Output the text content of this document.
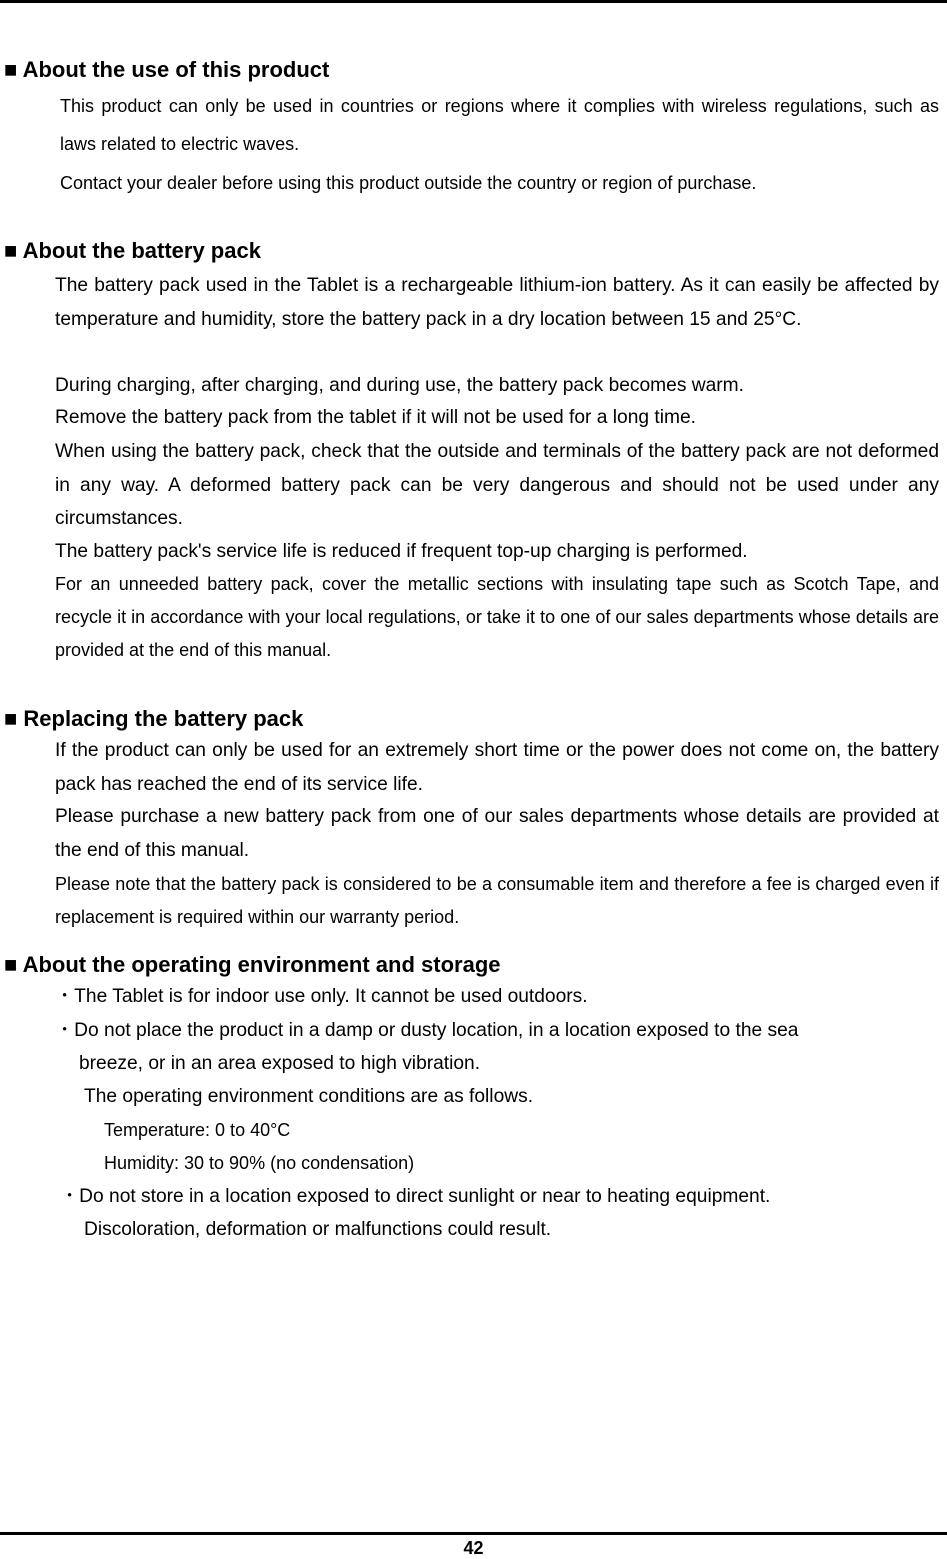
■ About the use of this product

This product can only be used in countries or regions where it complies with wireless regulations, such as laws related to electric waves.

Contact your dealer before using this product outside the country or region of purchase.

■ About the battery pack

The battery pack used in the Tablet is a rechargeable lithium-ion battery. As it can easily be affected by temperature and humidity, store the battery pack in a dry location between 15 and 25°C.

During charging, after charging, and during use, the battery pack becomes warm.

Remove the battery pack from the tablet if it will not be used for a long time.

When using the battery pack, check that the outside and terminals of the battery pack are not deformed in any way. A deformed battery pack can be very dangerous and should not be used under any circumstances.

The battery pack's service life is reduced if frequent top-up charging is performed.

For an unneeded battery pack, cover the metallic sections with insulating tape such as Scotch Tape, and recycle it in accordance with your local regulations, or take it to one of our sales departments whose details are provided at the end of this manual.

■ Replacing the battery pack

If the product can only be used for an extremely short time or the power does not come on, the battery pack has reached the end of its service life.

Please purchase a new battery pack from one of our sales departments whose details are provided at the end of this manual.

Please note that the battery pack is considered to be a consumable item and therefore a fee is charged even if replacement is required within our warranty period.

■ About the operating environment and storage
・The Tablet is for indoor use only. It cannot be used outdoors.
・Do not place the product in a damp or dusty location, in a location exposed to the sea
breeze, or in an area exposed to high vibration.
The operating environment conditions are as follows.
Temperature: 0 to 40°C
Humidity: 30 to 90% (no condensation)
・Do not store in a location exposed to direct sunlight or near to heating equipment.
Discoloration, deformation or malfunctions could result.
42
